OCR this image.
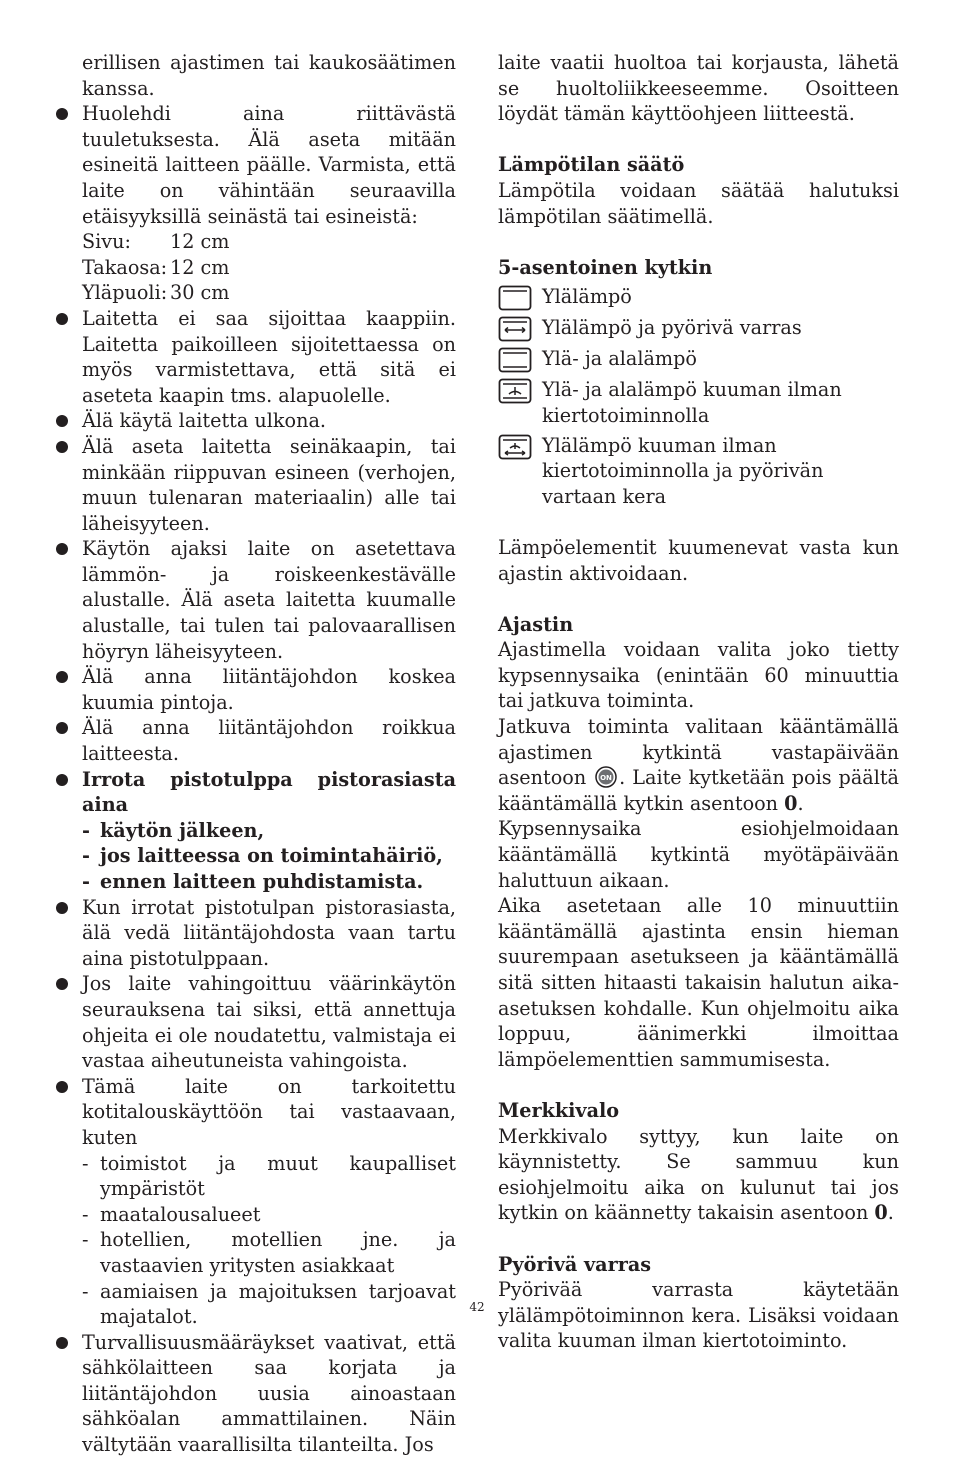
erillisen ajastimen tai kaukosäätimen kanssa.
Huolehdi aina riittävästä tuuletuksesta. Älä aseta mitään esineitä laitteen päälle. Varmista, että laite on vähintään seuraavilla etäisyyksillä seinästä tai esineistä:
Sivu:	12 cm
Takaosa: 12 cm
Yläpuoli: 30 cm
Laitetta ei saa sijoittaa kaappiin. Laitetta paikoilleen sijoitettaessa on myös varmistettava, että sitä ei aseteta kaapin tms. alapuolelle.
Älä käytä laitetta ulkona.
Älä aseta laitetta seinäkaapin, tai minkään riippuvan esineen (verhojen, muun tulenaran materiaalin) alle tai läheisyyteen.
Käytön ajaksi laite on asetettava lämmön- ja roiskeenkestävälle alustalle. Älä aseta laitetta kuumalle alustalle, tai tulen tai palovaarallisen höyryn läheisyyteen.
Älä anna liitäntäjohdon koskea kuumia pintoja.
Älä anna liitäntäjohdon roikkua laitteesta.
Irrota pistotulppa pistorasiasta aina
- käytön jälkeen,
- jos laitteessa on toimintahäiriö,
- ennen laitteen puhdistamista.
Kun irrotat pistotulpan pistorasiasta, älä vedä liitäntäjohdosta vaan tartu aina pistotulppaan.
Jos laite vahingoittuu väärinkäytön seurauksena tai siksi, että annettuja ohjeita ei ole noudatettu, valmistaja ei vastaa aiheutuneista vahingoista.
Tämä laite on tarkoitettu kotitalouskäyttöön tai vastaavaan, kuten
- toimistot ja muut kaupalliset ympäristöt
- maatalousalueet
- hotellien, motellien jne. ja vastaavien yritysten asiakkaat
- aamiaisen ja majoituksen tarjoavat majatalot.
Turvallisuusmääräykset vaativat, että sähkölaitteen saa korjata ja liitäntäjohdon uusia ainoastaan sähköalan ammattilainen. Näin vältytään vaarallisilta tilanteilta. Jos
laite vaatii huoltoa tai korjausta, lähetä se huoltoliikkeeseemme. Osoitteen löydät tämän käyttöohjeen liitteestä.
Lämpötilan säätö
Lämpötila voidaan säätää halutuksi lämpötilan säätimellä.
5-asentoinen kytkin
Ylälämpö
Ylälämpö ja pyörivä varras
Ylä- ja alalämpö
Ylä- ja alalämpö kuuman ilman kiertotoiminnolla
Ylälämpö kuuman ilman kiertotoiminnolla ja pyörivän vartaan kera
Lämpöelementit kuumenevat vasta kun ajastin aktivoidaan.
Ajastin
Ajastimella voidaan valita joko tietty kypsennysaika (enintään 60 minuuttia tai jatkuva toiminta.
Jatkuva toiminta valitaan kääntämällä ajastimen kytkintä vastapäivään asentoon ON . Laite kytketään pois päältä kääntämällä kytkin asentoon 0.
Kypsennysaika esiohjelmoidaan kääntämällä kytkintä myötäpäivään haluttuun aikaan.
Aika asetetaan alle 10 minuuttiin kääntämällä ajastinta ensin hieman suurempaan asetukseen ja kääntämällä sitä sitten hitaasti takaisin halutun aika-asetuksen kohdalle. Kun ohjelmoitu aika loppuu, äänimerkki ilmoittaa lämpöelementtien sammumisesta.
Merkkivalo
Merkkivalo syttyy, kun laite on käynnistetty. Se sammuu kun esiohjelmoitu aika on kulunut tai jos kytkin on käännetty takaisin asentoon 0.
Pyörivä varras
Pyörivää varrasta käytetään ylälämpötoiminnon kera. Lisäksi voidaan valita kuuman ilman kiertotoiminto.
42
